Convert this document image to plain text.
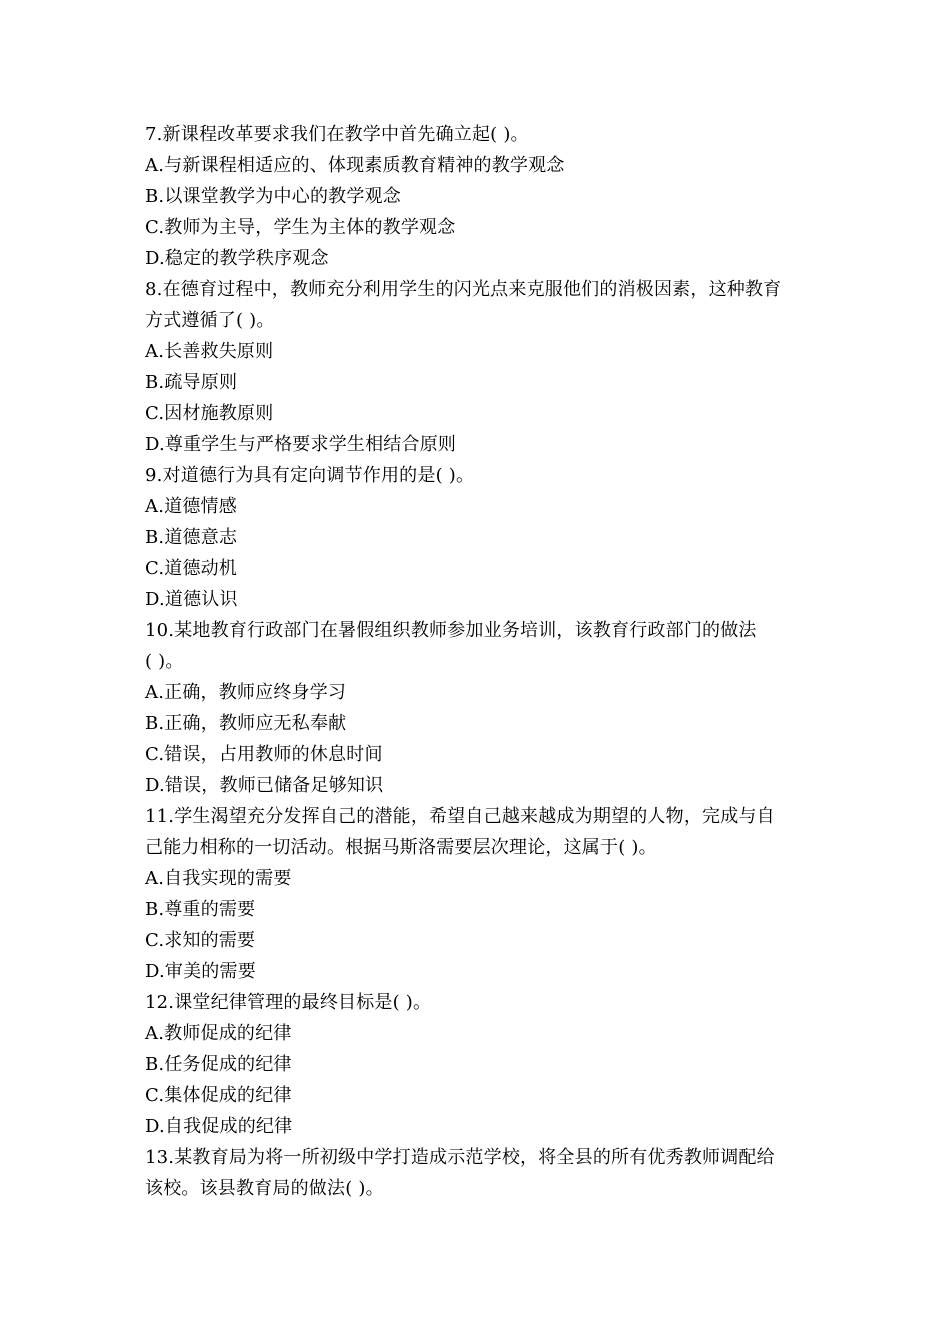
7.新课程改革要求我们在教学中首先确立起( )。
A.与新课程相适应的、体现素质教育精神的教学观念
B.以课堂教学为中心的教学观念
C.教师为主导，学生为主体的教学观念
D.稳定的教学秩序观念
8.在德育过程中，教师充分利用学生的闪光点来克服他们的消极因素，这种教育
方式遵循了( )。
A.长善救失原则
B.疏导原则
C.因材施教原则
D.尊重学生与严格要求学生相结合原则
9.对道德行为具有定向调节作用的是( )。
A.道德情感
B.道德意志
C.道德动机
D.道德认识
10.某地教育行政部门在暑假组织教师参加业务培训，该教育行政部门的做法
( )。
A.正确，教师应终身学习
B.正确，教师应无私奉献
C.错误，占用教师的休息时间
D.错误，教师已储备足够知识
11.学生渴望充分发挥自己的潜能，希望自己越来越成为期望的人物，完成与自
己能力相称的一切活动。根据马斯洛需要层次理论，这属于( )。
A.自我实现的需要
B.尊重的需要
C.求知的需要
D.审美的需要
12.课堂纪律管理的最终目标是( )。
A.教师促成的纪律
B.任务促成的纪律
C.集体促成的纪律
D.自我促成的纪律
13.某教育局为将一所初级中学打造成示范学校，将全县的所有优秀教师调配给
该校。该县教育局的做法( )。
